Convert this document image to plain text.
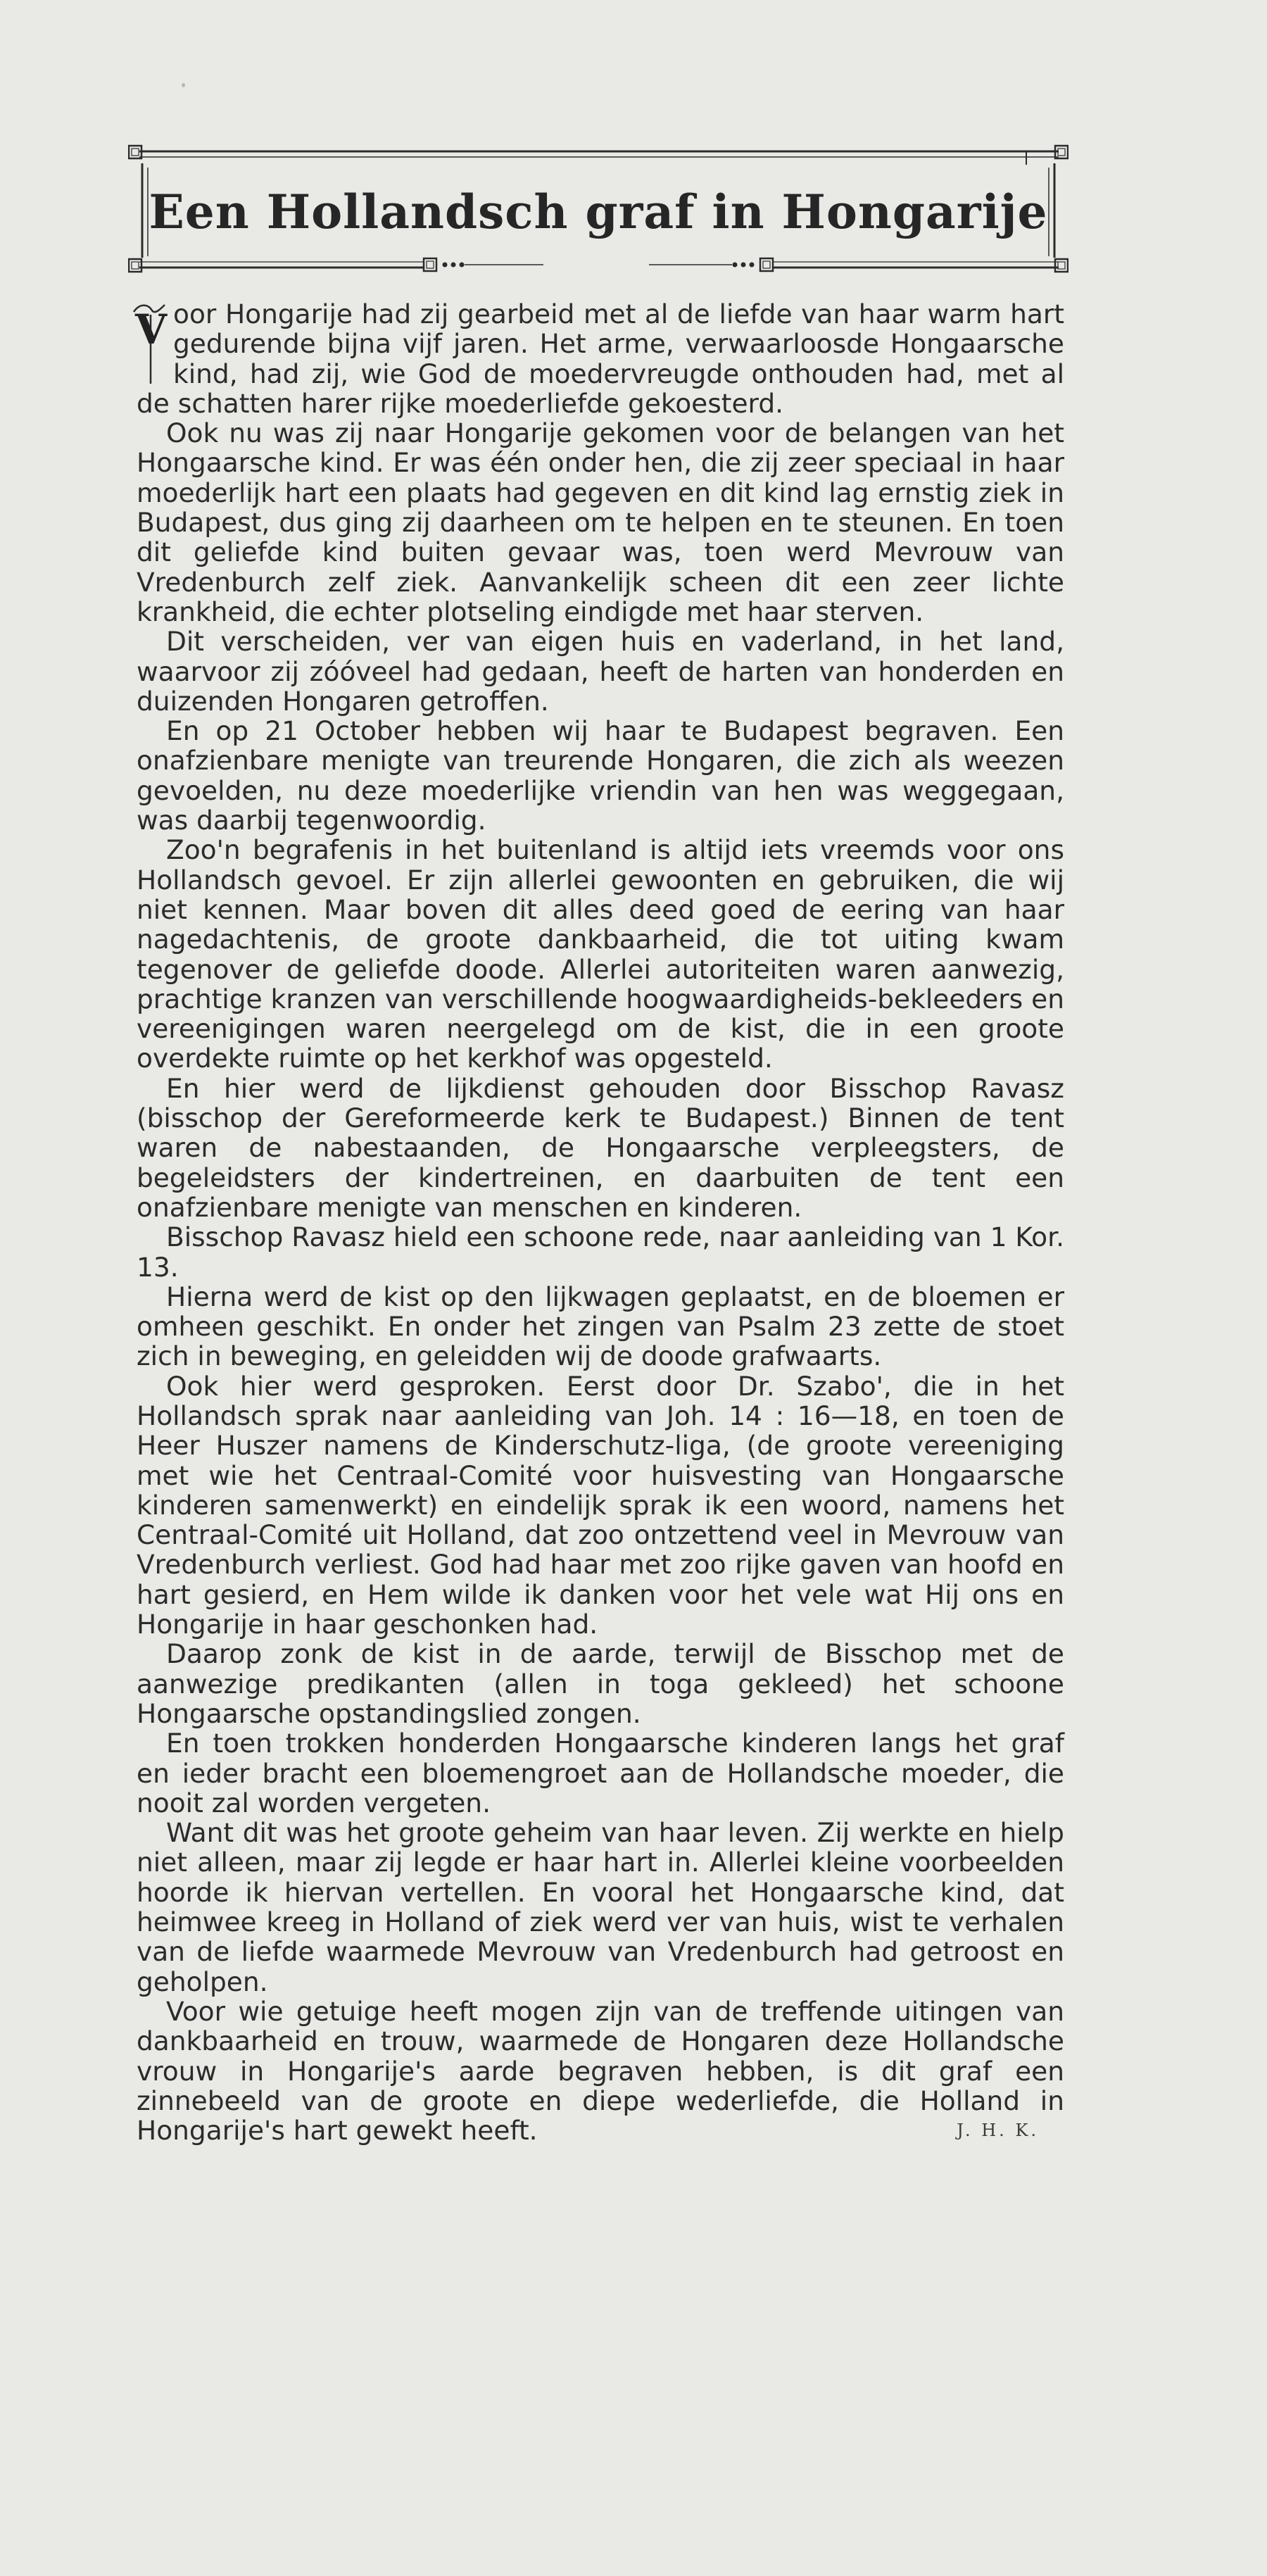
Een Hollandsch graf in Hongarije

V oor Hongarije had zij gearbeid met al de liefde van haar warm hart gedurende bijna vijf jaren. Het arme, verwaarloosde Hongaarsche kind, had zij, wie God de moedervreugde onthouden had, met al de schatten harer rijke moederliefde gekoesterd.

Ook nu was zij naar Hongarije gekomen voor de belangen van het Hongaarsche kind. Er was één onder hen, die zij zeer speciaal in haar moederlijk hart een plaats had gegeven en dit kind lag ernstig ziek in Budapest, dus ging zij daarheen om te helpen en te steunen. En toen dit geliefde kind buiten gevaar was, toen werd Mevrouw van Vredenburch zelf ziek. Aanvankelijk scheen dit een zeer lichte krankheid, die echter plotseling eindigde met haar sterven.

Dit verscheiden, ver van eigen huis en vaderland, in het land, waarvoor zij zóóveel had gedaan, heeft de harten van honderden en duizenden Hongaren getroffen.

En op 21 October hebben wij haar te Budapest begraven. Een onafzienbare menigte van treurende Hongaren, die zich als weezen gevoelden, nu deze moederlijke vriendin van hen was weggegaan, was daarbij tegenwoordig.

Zoo'n begrafenis in het buitenland is altijd iets vreemds voor ons Hollandsch gevoel. Er zijn allerlei gewoonten en gebruiken, die wij niet kennen. Maar boven dit alles deed goed de eering van haar nagedachtenis, de groote dankbaarheid, die tot uiting kwam tegenover de geliefde doode. Allerlei autoriteiten waren aanwezig, prachtige kranzen van verschillende hoogwaardigheids-bekleeders en vereenigingen waren neergelegd om de kist, die in een groote overdekte ruimte op het kerkhof was opgesteld.

En hier werd de lijkdienst gehouden door Bisschop Ravasz (bisschop der Gereformeerde kerk te Budapest.) Binnen de tent waren de nabestaanden, de Hongaarsche verpleegsters, de begeleidsters der kindertreinen, en daarbuiten de tent een onafzienbare menigte van menschen en kinderen.

Bisschop Ravasz hield een schoone rede, naar aanleiding van 1 Kor. 13.

Hierna werd de kist op den lijkwagen geplaatst, en de bloemen er omheen geschikt. En onder het zingen van Psalm 23 zette de stoet zich in beweging, en geleidden wij de doode grafwaarts.

Ook hier werd gesproken. Eerst door Dr. Szabo', die in het Hollandsch sprak naar aanleiding van Joh. 14 : 16—18, en toen de Heer Huszer namens de Kinderschutz-liga, (de groote vereeniging met wie het Centraal-Comité voor huisvesting van Hongaarsche kinderen samenwerkt) en eindelijk sprak ik een woord, namens het Centraal-Comité uit Holland, dat zoo ontzettend veel in Mevrouw van Vredenburch verliest. God had haar met zoo rijke gaven van hoofd en hart gesierd, en Hem wilde ik danken voor het vele wat Hij ons en Hongarije in haar geschonken had.

Daarop zonk de kist in de aarde, terwijl de Bisschop met de aanwezige predikanten (allen in toga gekleed) het schoone Hongaarsche opstandingslied zongen.

En toen trokken honderden Hongaarsche kinderen langs het graf en ieder bracht een bloemengroet aan de Hollandsche moeder, die nooit zal worden vergeten.

Want dit was het groote geheim van haar leven. Zij werkte en hielp niet alleen, maar zij legde er haar hart in. Allerlei kleine voorbeelden hoorde ik hiervan vertellen. En vooral het Hongaarsche kind, dat heimwee kreeg in Holland of ziek werd ver van huis, wist te verhalen van de liefde waarmede Mevrouw van Vredenburch had getroost en geholpen.

Voor wie getuige heeft mogen zijn van de treffende uitingen van dankbaarheid en trouw, waarmede de Hongaren deze Hollandsche vrouw in Hongarije's aarde begraven hebben, is dit graf een zinnebeeld van de groote en diepe wederliefde, die Holland in Hongarije's hart gewekt heeft.	J. H. K.
